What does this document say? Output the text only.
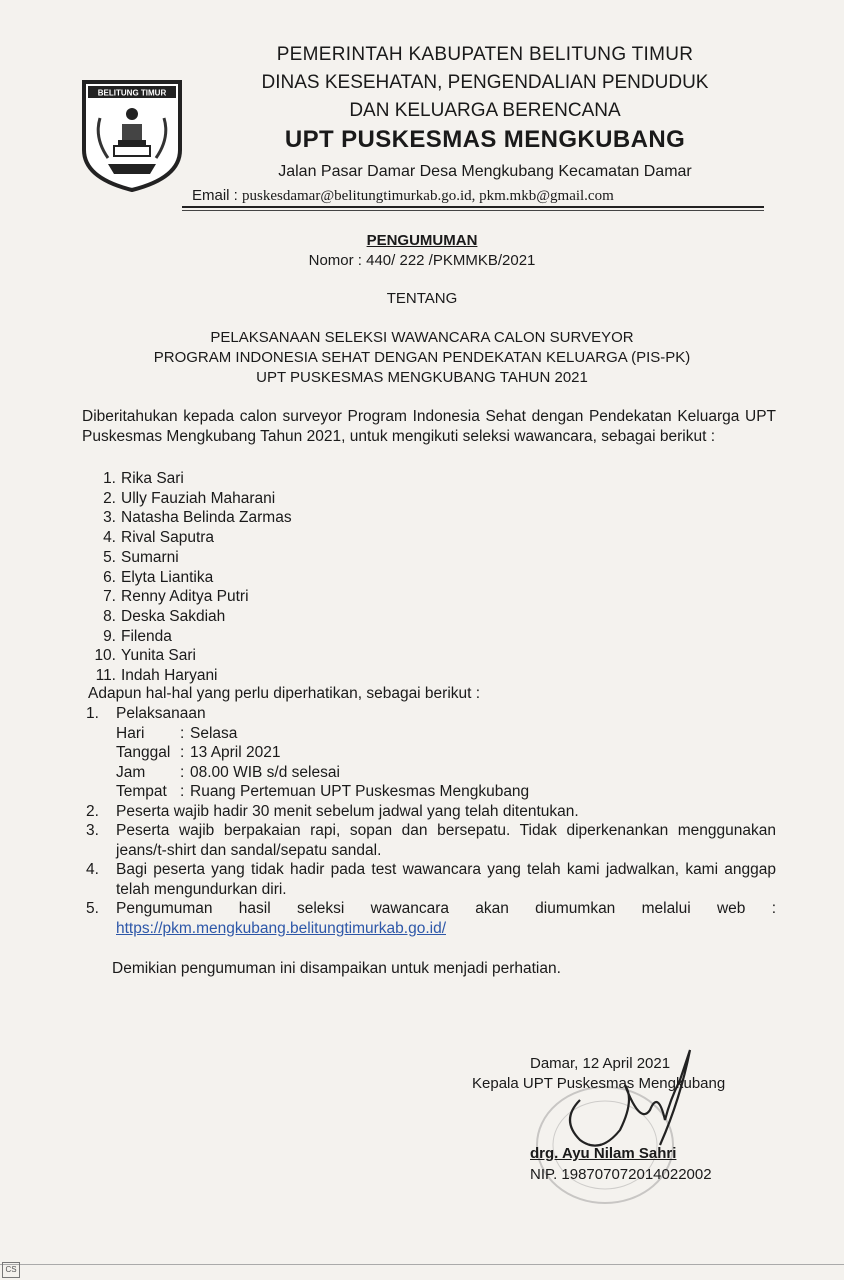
BELITUNG TIMUR
PEMERINTAH KABUPATEN BELITUNG TIMUR
DINAS KESEHATAN, PENGENDALIAN PENDUDUK
DAN KELUARGA BERENCANA
UPT PUSKESMAS MENGKUBANG
Jalan Pasar Damar Desa Mengkubang Kecamatan Damar
Email : puskesdamar@belitungtimurkab.go.id, pkm.mkb@gmail.com
PENGUMUMAN
Nomor : 440/ 222 /PKMMKB/2021
TENTANG
PELAKSANAAN SELEKSI WAWANCARA CALON SURVEYOR
PROGRAM INDONESIA SEHAT DENGAN PENDEKATAN KELUARGA (PIS-PK)
UPT PUSKESMAS MENGKUBANG TAHUN 2021

Diberitahukan kepada calon surveyor Program Indonesia Sehat dengan Pendekatan Keluarga UPT Puskesmas Mengkubang Tahun 2021, untuk mengikuti seleksi wawancara, sebagai berikut :

1. Rika Sari
2. Ully Fauziah Maharani
3. Natasha Belinda Zarmas
4. Rival Saputra
5. Sumarni
6. Elyta Liantika
7. Renny Aditya Putri
8. Deska Sakdiah
9. Filenda
10. Yunita Sari
11. Indah Haryani
Adapun hal-hal yang perlu diperhatikan, sebagai berikut :
1.	Pelaksanaan
Hari	: Selasa
Tanggal : 13 April 2021
Jam	: 08.00 WIB s/d selesai
Tempat : Ruang Pertemuan UPT Puskesmas Mengkubang
2.	Peserta wajib hadir 30 menit sebelum jadwal yang telah ditentukan.
3.	Peserta wajib berpakaian rapi, sopan dan bersepatu. Tidak diperkenankan menggunakan jeans/t-shirt dan sandal/sepatu sandal.
4.	Bagi peserta yang tidak hadir pada test wawancara yang telah kami jadwalkan, kami anggap telah mengundurkan diri.
5.	Pengumuman hasil seleksi wawancara akan diumumkan melalui web :
https://pkm.mengkubang.belitungtimurkab.go.id/
Demikian pengumuman ini disampaikan untuk menjadi perhatian.
Damar, 12 April 2021
Kepala UPT Puskesmas Mengkubang
drg. Ayu Nilam Sahri
NIP. 198707072014022002
CS
